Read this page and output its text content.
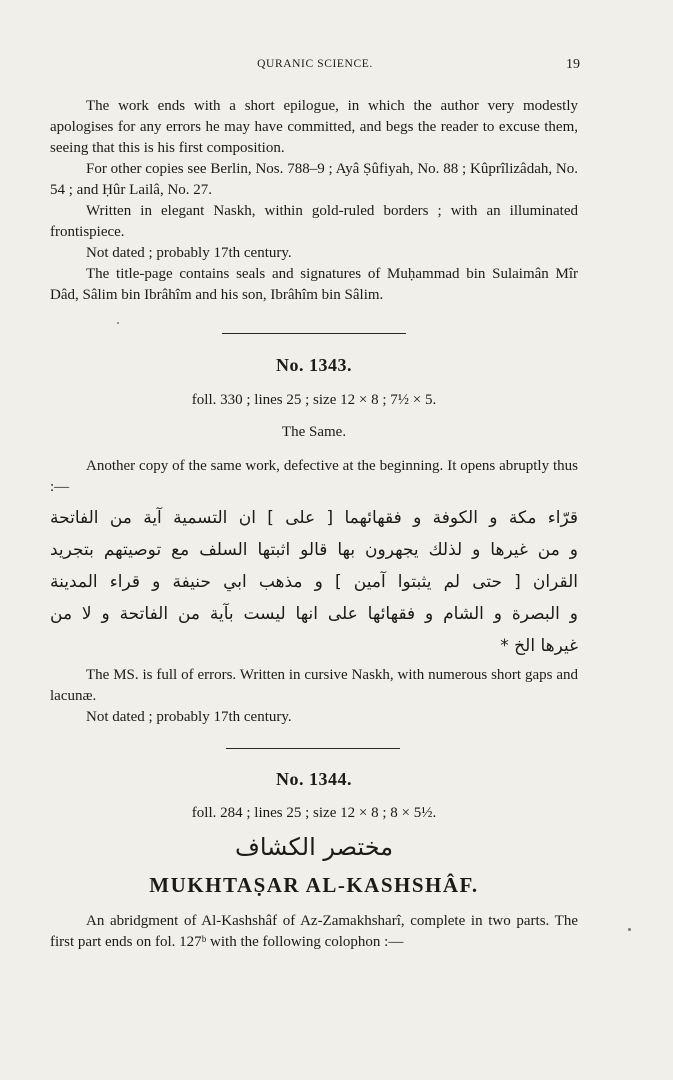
QURANIC SCIENCE.	19

The work ends with a short epilogue, in which the author very modestly apologises for any errors he may have committed, and begs the reader to excuse them, seeing that this is his first composition.

For other copies see Berlin, Nos. 788–9 ; Ayâ Ṣûfiyah, No. 88 ; Kûprîlizâdah, No. 54 ; and Ḥûr Lailâ, No. 27.

Written in elegant Naskh, within gold-ruled borders ; with an illuminated frontispiece.

Not dated ; probably 17th century.

The title-page contains seals and signatures of Muḥammad bin Sulaimân Mîr Dâd, Sâlim bin Ibrâhîm and his son, Ibrâhîm bin Sâlim.

No. 1343.
foll. 330 ; lines 25 ; size 12 × 8 ; 7½ × 5.
The Same.

Another copy of the same work, defective at the beginning. It opens abruptly thus :—

قرّاء مكة و الكوفة و فقهائهما [ على ] ان التسمية آية من الفاتحة
و من غيرها و لذلك يجهرون بها قالو اثبتها السلف مع توصيتهم بتجريد
القران [ حتى لم يثبتوا آمين ] و مذهب ابي حنيفة و قراء المدينة
و البصرة و الشام و فقهائها على انها ليست بآية من الفاتحة و لا من
غيرها الخ *

The MS. is full of errors. Written in cursive Naskh, with numerous short gaps and lacunæ.

Not dated ; probably 17th century.

No. 1344.
foll. 284 ; lines 25 ; size 12 × 8 ; 8 × 5½.
مختصر الكشاف
MUKHTAṢAR AL-KASHSHÂF.

An abridgment of Al-Kashshâf of Az-Zamakhsharî, complete in two parts. The first part ends on fol. 127ᵇ with the following colophon :—
